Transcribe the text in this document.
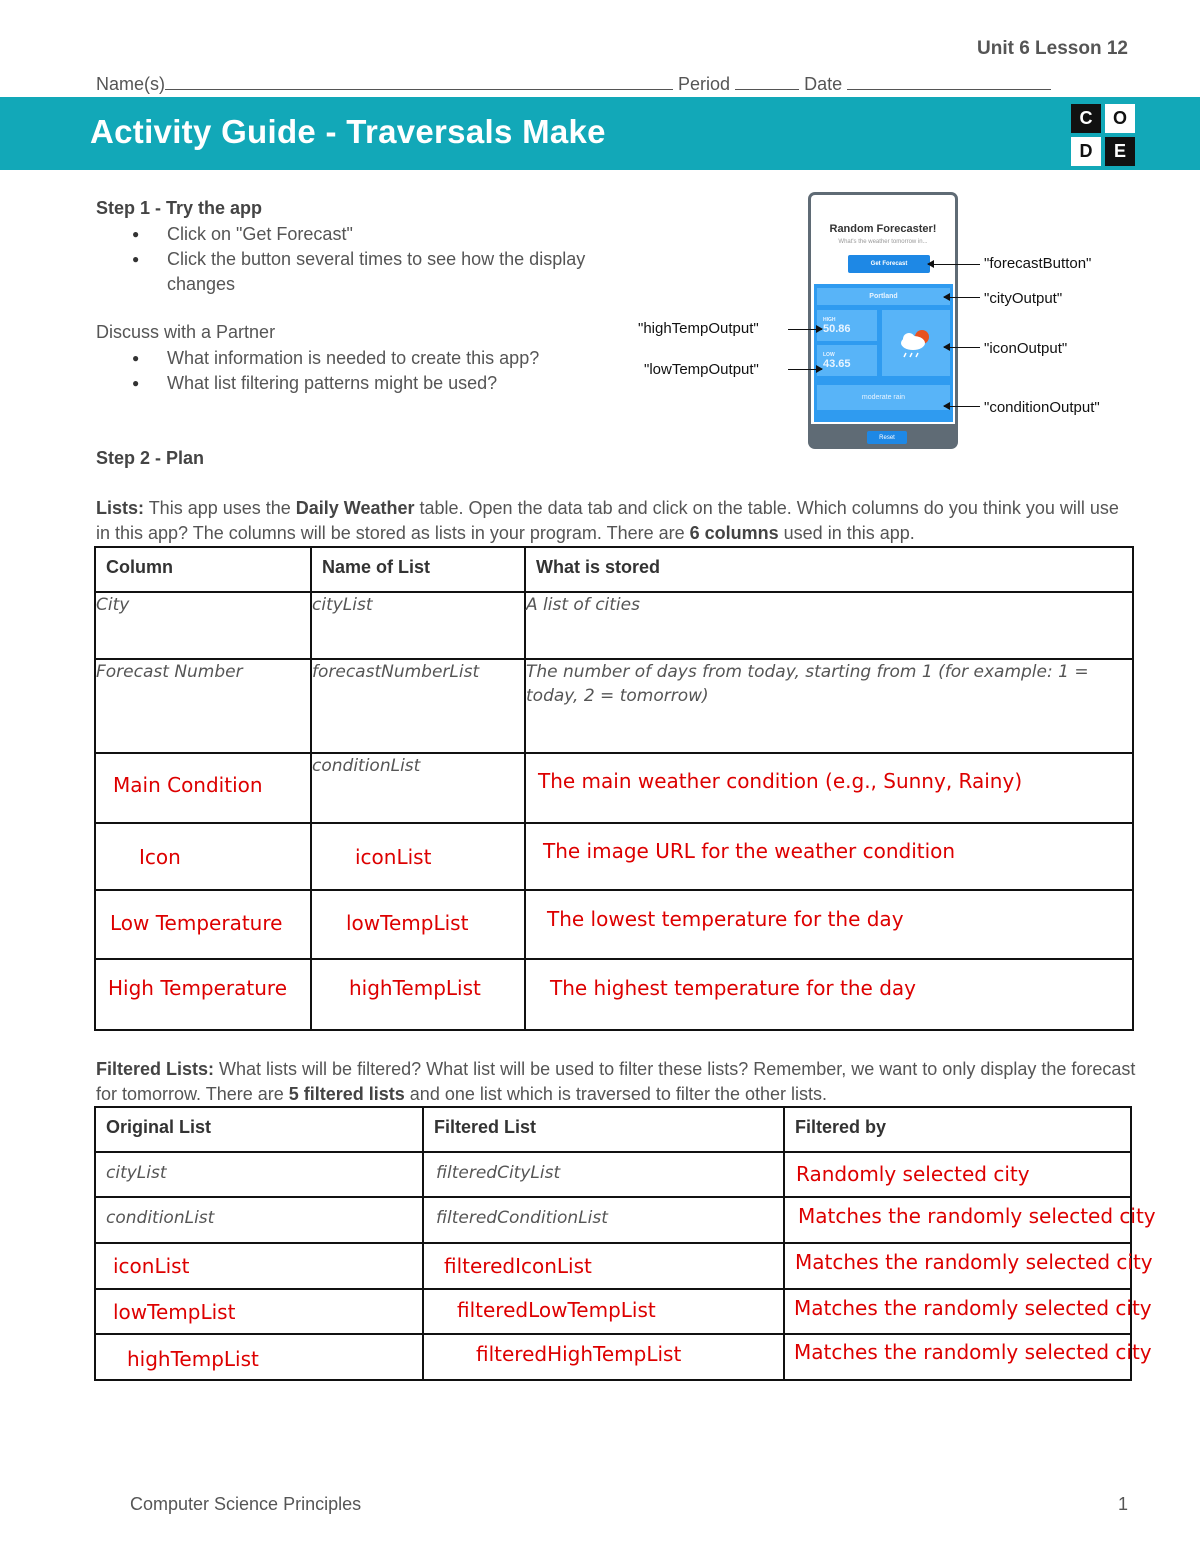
Unit 6 Lesson 12
Name(s)	Period	Date
Activity Guide - Traversals Make	C	O
D	E
Step 1 - Try the app
● Click on "Get Forecast"
● Click the button several times to see how the display changes
Discuss with a Partner
● What information is needed to create this app?
● What list filtering patterns might be used?
Random Forecaster!
What's the weather tomorrow in...
Get Forecast
Portland
HIGH
50.86
LOW
43.65
moderate rain
Reset
"forecastButton"
"cityOutput"
"iconOutput"
"conditionOutput"
"highTempOutput"
"lowTempOutput"
Step 2 - Plan
Lists: This app uses the Daily Weather table. Open the data tab and click on the table. Which columns do you think you will use in this app? The columns will be stored as lists in your program. There are 6 columns used in this app.
Column	Name of List	What is stored
City	cityList	A list of cities
Forecast Number	forecastNumberList	The number of days from today, starting from 1 (for example: 1 = today, 2 = tomorrow)
Main Condition	conditionList	The main weather condition (e.g., Sunny, Rainy)
Icon	iconList	The image URL for the weather condition
Low Temperature	lowTempList	The lowest temperature for the day
High Temperature	highTempList	The highest temperature for the day
Filtered Lists: What lists will be filtered? What list will be used to filter these lists? Remember, we want to only display the forecast for tomorrow. There are 5 filtered lists and one list which is traversed to filter the other lists.
Original List	Filtered List	Filtered by
cityList	filteredCityList	Randomly selected city
conditionList	filteredConditionList	Matches the randomly selected city
iconList	filteredIconList	Matches the randomly selected city
lowTempList	filteredLowTempList	Matches the randomly selected city
highTempList	filteredHighTempList	Matches the randomly selected city
Computer Science Principles	1
